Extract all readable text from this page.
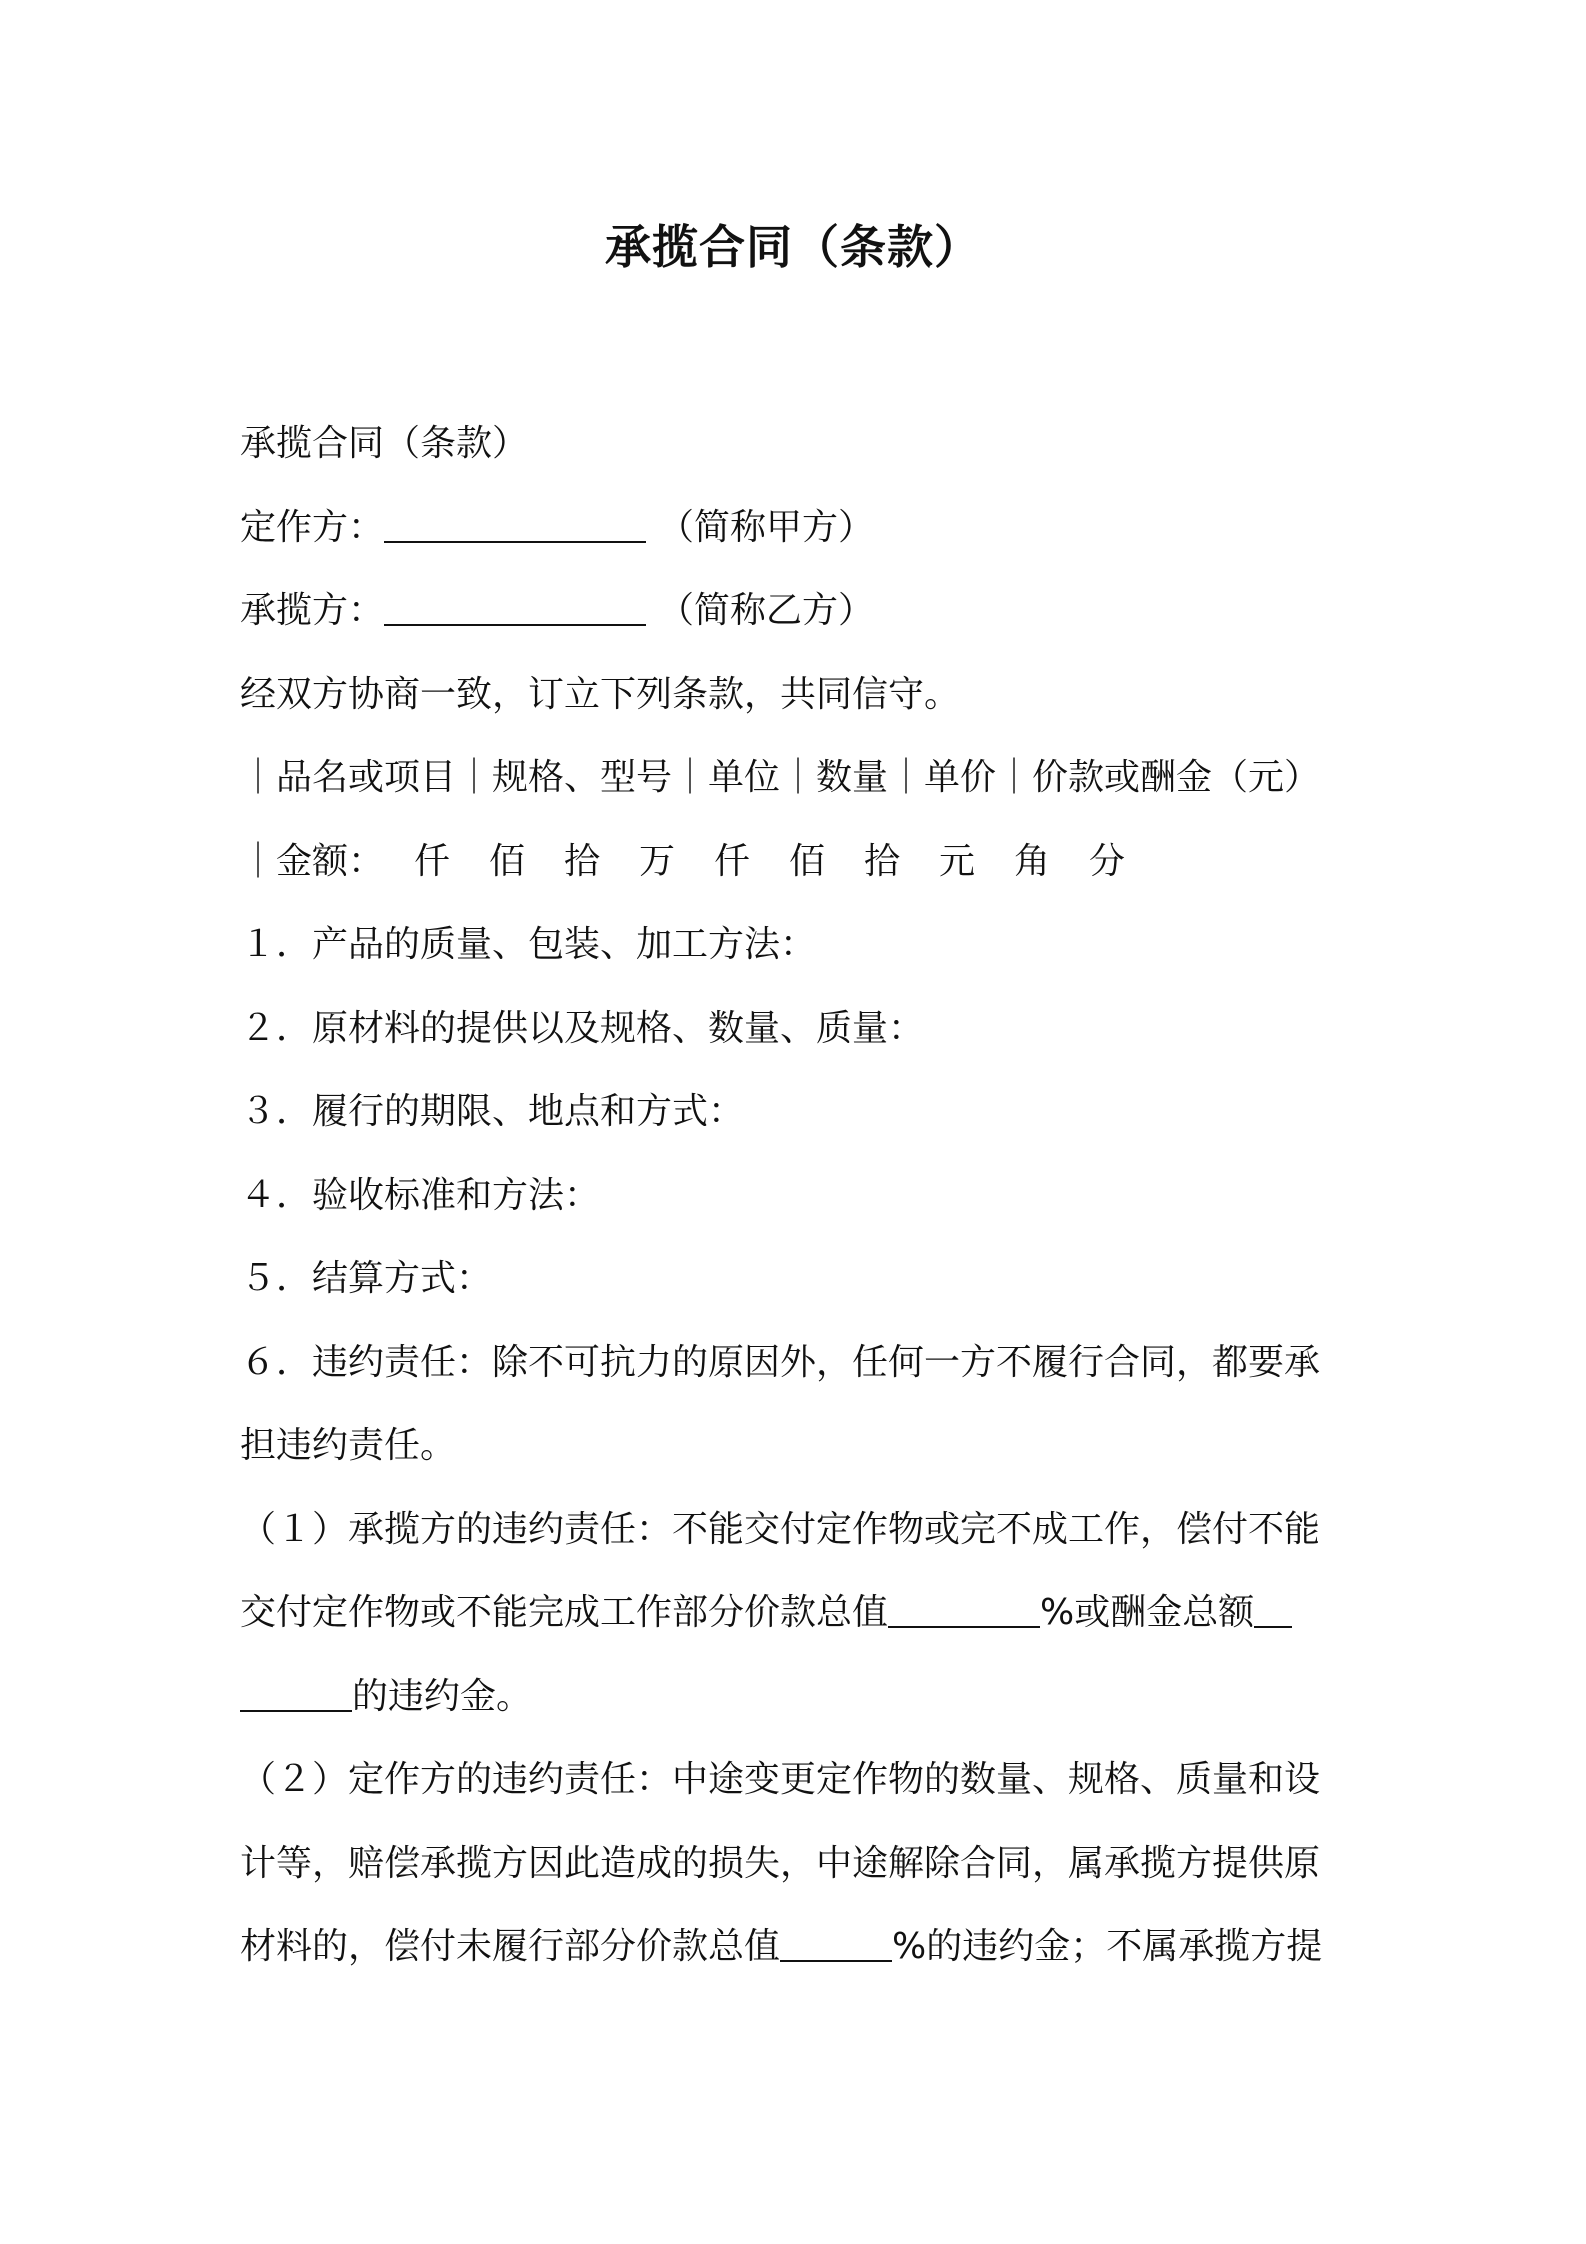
承揽合同（条款）
承揽合同（条款）
定作方：	（简称甲方）
承揽方：	（简称乙方）
经双方协商一致，订立下列条款，共同信守。
｜品名或项目｜规格、型号｜单位｜数量｜单价｜价款或酬金（元）
｜金额： 仟 佰 拾 万 仟 佰 拾 元 角 分
１．产品的质量、包装、加工方法：
２．原材料的提供以及规格、数量、质量：
３．履行的期限、地点和方式：
４．验收标准和方法：
５．结算方式：
６．违约责任：除不可抗力的原因外，任何一方不履行合同，都要承
担违约责任。
（１）承揽方的违约责任：不能交付定作物或完不成工作，偿付不能
交付定作物或不能完成工作部分价款总值	%或酬金总额
的违约金。
（２）定作方的违约责任：中途变更定作物的数量、规格、质量和设
计等，赔偿承揽方因此造成的损失，中途解除合同，属承揽方提供原
材料的，偿付未履行部分价款总值	%的违约金；不属承揽方提
